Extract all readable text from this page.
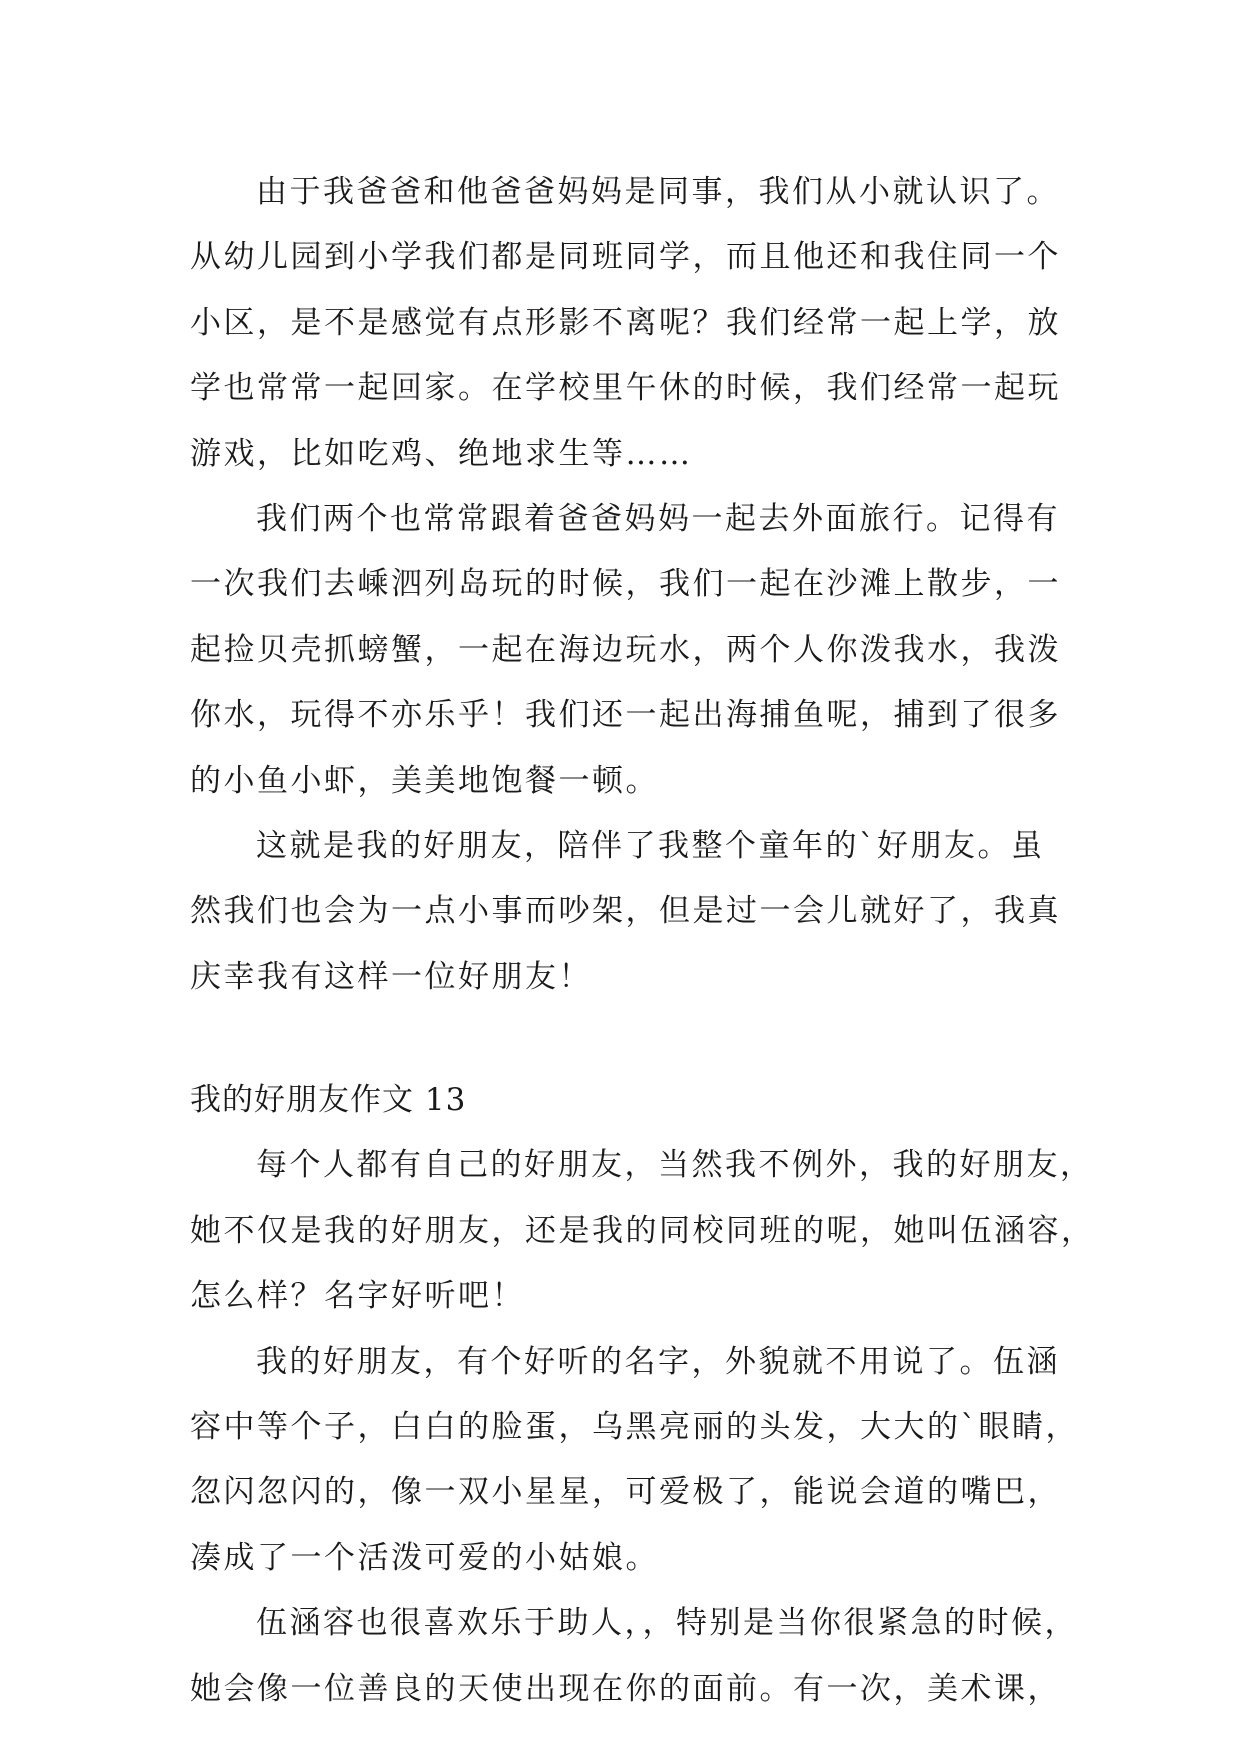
由于我爸爸和他爸爸妈妈是同事，我们从小就认识了。
从幼儿园到小学我们都是同班同学，而且他还和我住同一个
小区，是不是感觉有点形影不离呢？我们经常一起上学，放
学也常常一起回家。在学校里午休的时候，我们经常一起玩
游戏，比如吃鸡、绝地求生等……
我们两个也常常跟着爸爸妈妈一起去外面旅行。记得有
一次我们去嵊泗列岛玩的时候，我们一起在沙滩上散步，一
起捡贝壳抓螃蟹，一起在海边玩水，两个人你泼我水，我泼
你水，玩得不亦乐乎！我们还一起出海捕鱼呢，捕到了很多
的小鱼小虾，美美地饱餐一顿。
这就是我的好朋友，陪伴了我整个童年的`好朋友。虽
然我们也会为一点小事而吵架，但是过一会儿就好了，我真
庆幸我有这样一位好朋友！
我的好朋友作文 13
每个人都有自己的好朋友，当然我不例外，我的好朋友，
她不仅是我的好朋友，还是我的同校同班的呢，她叫伍涵容，
怎么样？名字好听吧！
我的好朋友，有个好听的名字，外貌就不用说了。伍涵
容中等个子，白白的脸蛋，乌黑亮丽的头发，大大的`眼睛，
忽闪忽闪的，像一双小星星，可爱极了，能说会道的嘴巴，
凑成了一个活泼可爱的小姑娘。
伍涵容也很喜欢乐于助人，，特别是当你很紧急的时候，
她会像一位善良的天使出现在你的面前。有一次，美术课，
